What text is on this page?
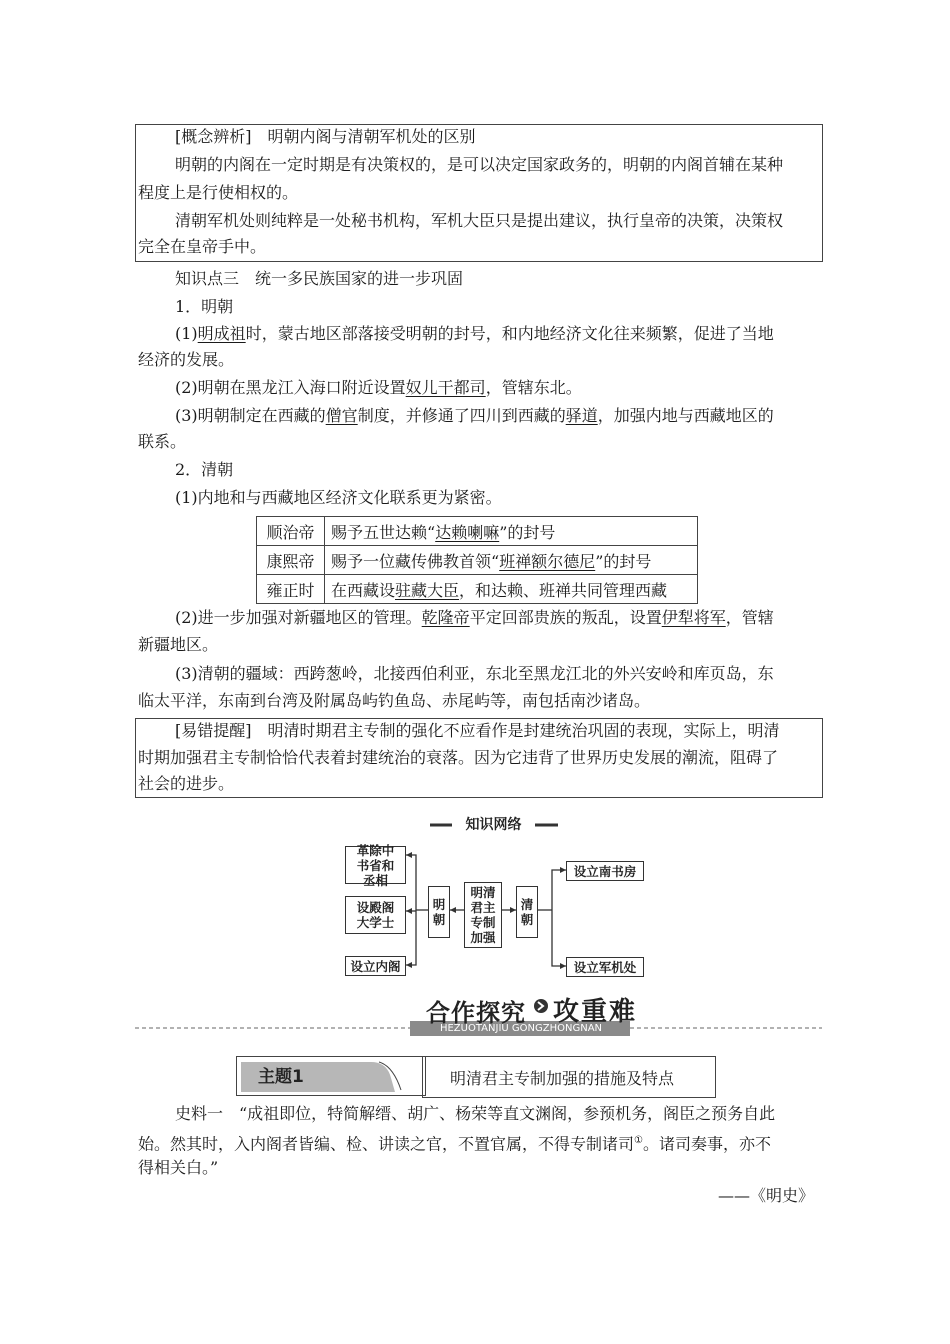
[概念辨析]　 明朝内阁与清朝军机处的区别
明朝的内阁在一定时期是有决策权的，是可以决定国家政务的，明朝的内阁首辅在某种
程度上是行使相权的。
清朝军机处则纯粹是一处秘书机构，军机大臣只是提出建议，执行皇帝的决策，决策权
完全在皇帝手中。
知识点三　统一多民族国家的进一步巩固
1．明朝
(1)明成祖时，蒙古地区部落接受明朝的封号，和内地经济文化往来频繁，促进了当地
经济的发展。
(2)明朝在黑龙江入海口附近设置奴儿干都司，管辖东北。
(3)明朝制定在西藏的僧官制度，并修通了四川到西藏的驿道，加强内地与西藏地区的
联系。
2．清朝
(1)内地和与西藏地区经济文化联系更为紧密。
顺治帝	赐予五世达赖“达赖喇嘛”的封号
康熙帝	赐予一位藏传佛教首领“班禅额尔德尼”的封号
雍正时	在西藏设驻藏大臣，和达赖、班禅共同管理西藏
(2)进一步加强对新疆地区的管理。乾隆帝平定回部贵族的叛乱，设置伊犁将军，管辖
新疆地区。
(3)清朝的疆域：西跨葱岭，北接西伯利亚，东北至黑龙江北的外兴安岭和库页岛，东
临太平洋，东南到台湾及附属岛屿钓鱼岛、赤尾屿等，南包括南沙诸岛。
[易错提醒]　 明清时期君主专制的强化不应看作是封建统治巩固的表现，实际上，明清
时期加强君主专制恰恰代表着封建统治的衰落。因为它违背了世界历史发展的潮流，阻碍了
社会的进步。
知识网络
革除中书省和丞相
设殿阁大学士
设立内阁
明朝
明清君主专制加强
清朝
设立南书房
设立军机处
合作探究 攻重难
HEZUOTANJIU GONGZHONGNAN
主题1	明清君主专制加强的措施及特点
史料一　“成祖即位，特简解缙、胡广、杨荣等直文渊阁，参预机务，阁臣之预务自此
始。然其时，入内阁者皆编、检、讲读之官，不置官属，不得专制诸司①。诸司奏事，亦不
得相关白。”
——《明史》
